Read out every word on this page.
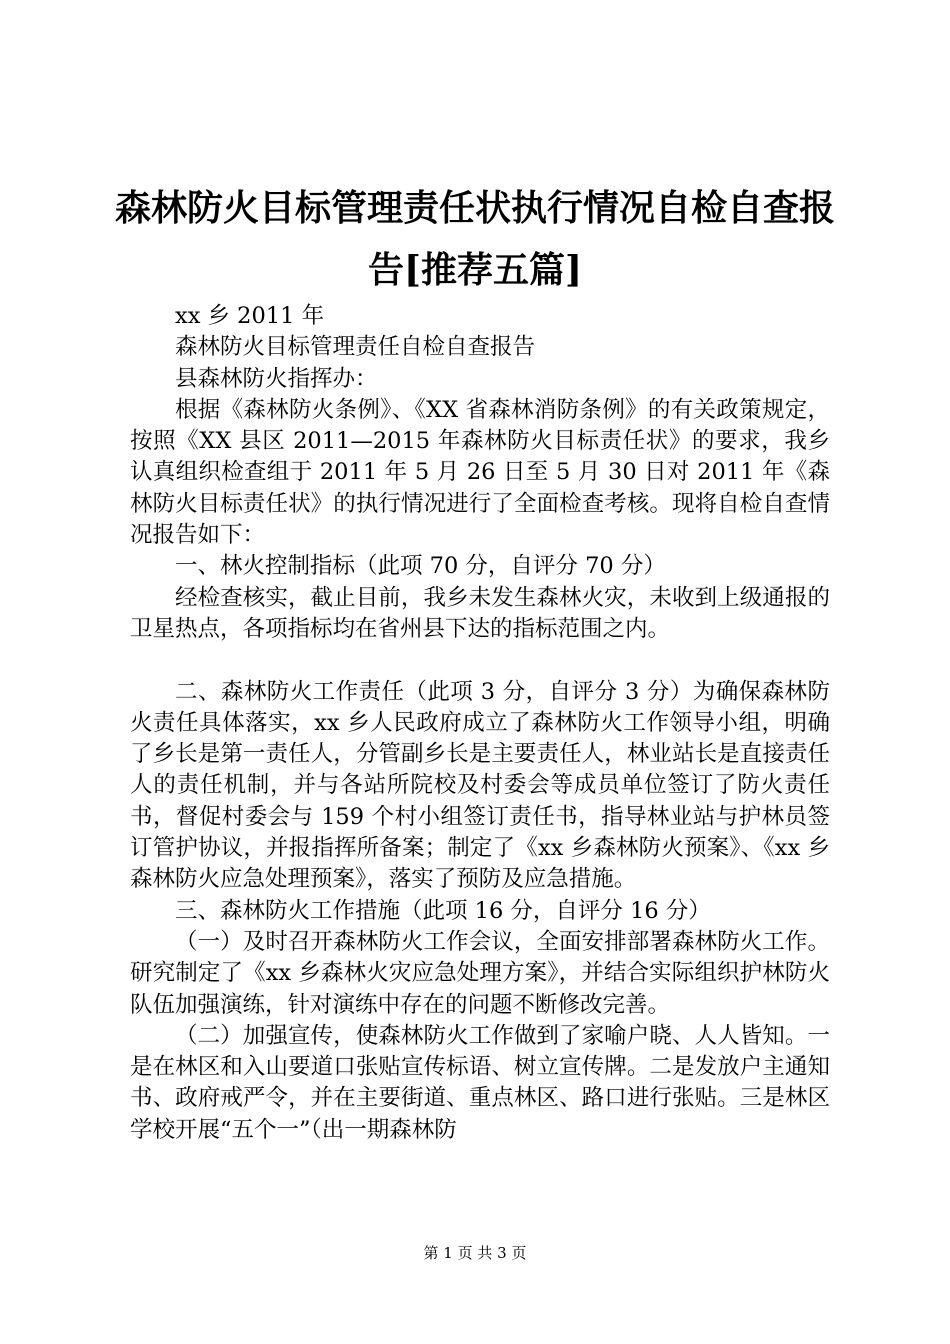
森林防火目标管理责任状执行情况自检自查报
告[推荐五篇]

xx 乡 2011 年

森林防火目标管理责任自检自查报告

县森林防火指挥办：

根据《森林防火条例》、《XX 省森林消防条例》的有关政策规定，按照《XX 县区 2011—2015 年森林防火目标责任状》的要求，我乡认真组织检查组于 2011 年 5 月 26 日至 5 月 30 日对 2011 年《森林防火目标责任状》的执行情况进行了全面检查考核。现将自检自查情况报告如下：

一、林火控制指标（此项 70 分，自评分 70 分）

经检查核实，截止目前，我乡未发生森林火灾，未收到上级通报的卫星热点，各项指标均在省州县下达的指标范围之内。

二、森林防火工作责任（此项 3 分，自评分 3 分）为确保森林防火责任具体落实，xx 乡人民政府成立了森林防火工作领导小组，明确了乡长是第一责任人，分管副乡长是主要责任人，林业站长是直接责任人的责任机制，并与各站所院校及村委会等成员单位签订了防火责任书，督促村委会与 159 个村小组签订责任书，指导林业站与护林员签订管护协议，并报指挥所备案；制定了《xx 乡森林防火预案》、《xx 乡森林防火应急处理预案》，落实了预防及应急措施。

三、森林防火工作措施（此项 16 分，自评分 16 分）

（一）及时召开森林防火工作会议，全面安排部署森林防火工作。研究制定了《xx 乡森林火灾应急处理方案》，并结合实际组织护林防火队伍加强演练，针对演练中存在的问题不断修改完善。

（二）加强宣传，使森林防火工作做到了家喻户晓、人人皆知。一是在林区和入山要道口张贴宣传标语、树立宣传牌。二是发放户主通知书、政府戒严令，并在主要街道、重点林区、路口进行张贴。三是林区学校开展“五个一”（出一期森林防

第 1 页 共 3 页
